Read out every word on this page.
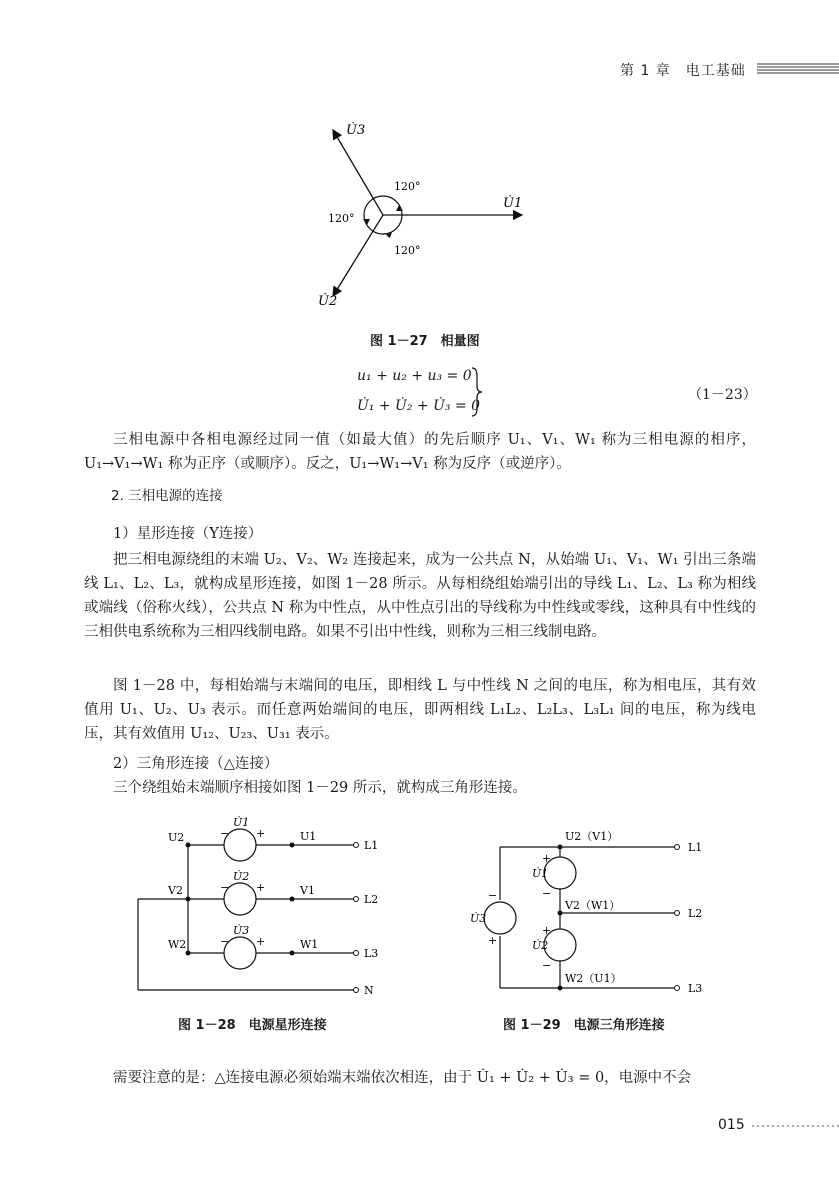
第 1 章　电工基础
U̇1
U̇3
U̇2
120°
120°
120°
图 1－27　相量图
u₁ + u₂ + u₃ = 0
U̇₁ + U̇₂ + U̇₃ = 0
（1－23）
三相电源中各相电源经过同一值（如最大值）的先后顺序 U₁、V₁、W₁ 称为三相电源的相序，U₁→V₁→W₁ 称为正序（或顺序）。反之，U₁→W₁→V₁ 称为反序（或逆序）。
2. 三相电源的连接
1）星形连接（Y连接）
把三相电源绕组的末端 U₂、V₂、W₂ 连接起来，成为一公共点 N，从始端 U₁、V₁、W₁ 引出三条端线 L₁、L₂、L₃，就构成星形连接，如图 1－28 所示。从每相绕组始端引出的导线 L₁、L₂、L₃ 称为相线或端线（俗称火线），公共点 N 称为中性点，从中性点引出的导线称为中性线或零线，这种具有中性线的三相供电系统称为三相四线制电路。如果不引出中性线，则称为三相三线制电路。
图 1－28 中，每相始端与末端间的电压，即相线 L 与中性线 N 之间的电压，称为相电压，其有效值用 U₁、U₂、U₃ 表示。而任意两始端间的电压，即两相线 L₁L₂、L₂L₃、L₃L₁ 间的电压，称为线电压，其有效值用 U₁₂、U₂₃、U₃₁ 表示。
2）三角形连接（△连接）
三个绕组始末端顺序相接如图 1－29 所示，就构成三角形连接。
U2
V2
W2
U1
V1
W1
L1
L2
L3
N
U̇1
U̇2
U̇3
− +
− +
− +
图 1－28　电源星形连接
U2（V1）
V2（W1）
W2（U1）
L1
L2
L3
U̇1
U̇2
U̇3
+
−
+
−
−
+
图 1－29　电源三角形连接
需要注意的是：△连接电源必须始端末端依次相连，由于 U̇₁ + U̇₂ + U̇₃ = 0，电源中不会
015
